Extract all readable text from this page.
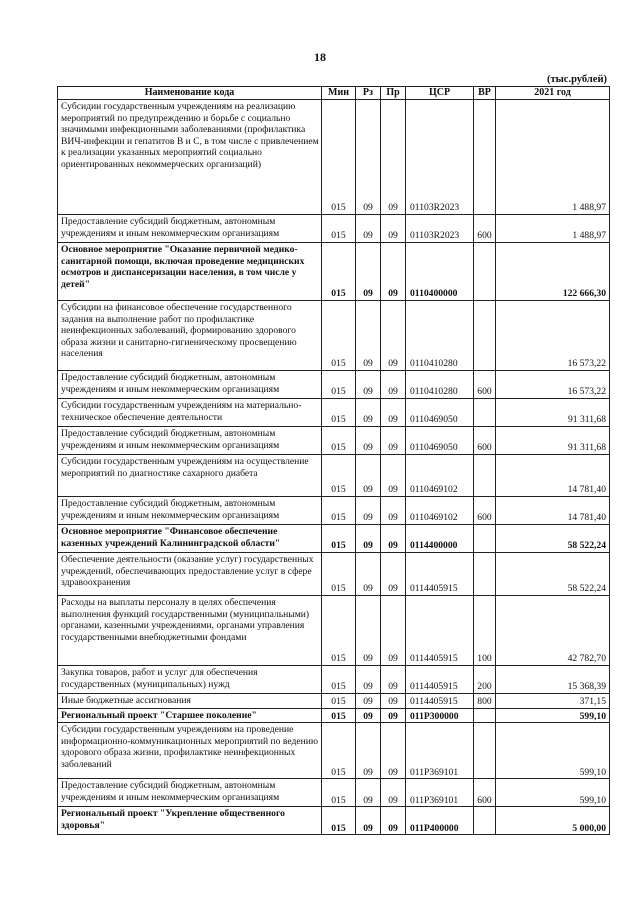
18
(тыс.рублей)
Наименование кода	Мин	Рз	Пр	ЦСР	ВР	2021 год
Субсидии государственным учреждениям на реализацию мероприятий по предупреждению и борьбе с социально значимыми инфекционными заболеваниями (профилактика ВИЧ-инфекции и гепатитов В и С, в том числе с привлечением к реализации указанных мероприятий социально ориентированных некоммерческих организаций)	015	09	09	01103R2023		1 488,97
Предоставление субсидий бюджетным, автономным учреждениям и иным некоммерческим организациям	015	09	09	01103R2023	600	1 488,97
Основное мероприятие "Оказание первичной медико-санитарной помощи, включая проведение медицинских осмотров и диспансеризации населения, в том числе у детей"	015	09	09	0110400000		122 666,30
Субсидии на финансовое обеспечение государственного задания на выполнение работ по профилактике неинфекционных заболеваний, формированию здорового образа жизни и санитарно-гигиеническому просвещению населения	015	09	09	0110410280		16 573,22
Предоставление субсидий бюджетным, автономным учреждениям и иным некоммерческим организациям	015	09	09	0110410280	600	16 573,22
Субсидии государственным учреждениям на материально-техническое обеспечение деятельности	015	09	09	0110469050		91 311,68
Предоставление субсидий бюджетным, автономным учреждениям и иным некоммерческим организациям	015	09	09	0110469050	600	91 311,68
Субсидии государственным учреждениям на осуществление мероприятий по диагностике сахарного диабета	015	09	09	0110469102		14 781,40
Предоставление субсидий бюджетным, автономным учреждениям и иным некоммерческим организациям	015	09	09	0110469102	600	14 781,40
Основное мероприятие "Финансовое обеспечение казенных учреждений Калининградской области"	015	09	09	0114400000		58 522,24
Обеспечение деятельности (оказание услуг) государственных учреждений, обеспечивающих предоставление услуг в сфере здравоохранения	015	09	09	0114405915		58 522,24
Расходы на выплаты персоналу в целях обеспечения выполнения функций государственными (муниципальными) органами, казенными учреждениями, органами управления государственными внебюджетными фондами	015	09	09	0114405915	100	42 782,70
Закупка товаров, работ и услуг для обеспечения государственных (муниципальных) нужд	015	09	09	0114405915	200	15 368,39
Иные бюджетные ассигнования	015	09	09	0114405915	800	371,15
Региональный проект "Старшее поколение"	015	09	09	011P300000		599,10
Субсидии государственным учреждениям на проведение информационно-коммуникационных мероприятий по ведению здорового образа жизни, профилактике неинфекционных заболеваний	015	09	09	011P369101		599,10
Предоставление субсидий бюджетным, автономным учреждениям и иным некоммерческим организациям	015	09	09	011P369101	600	599,10
Региональный проект "Укрепление общественного здоровья"	015	09	09	011P400000		5 000,00
